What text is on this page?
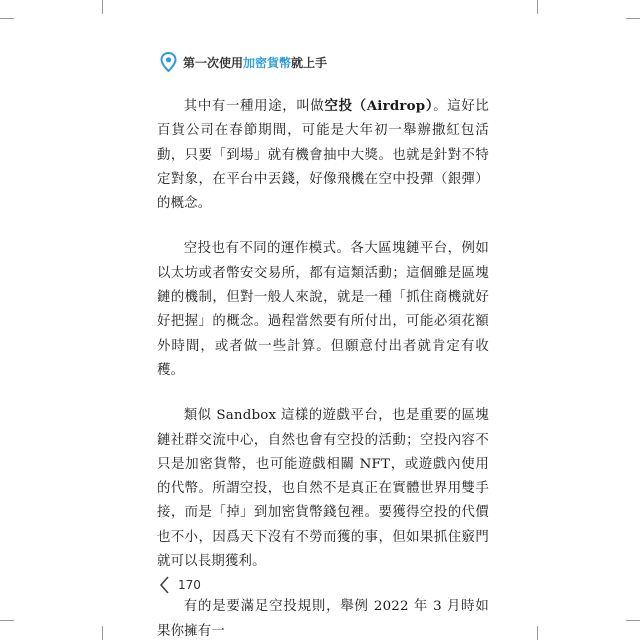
第一次使用加密貨幣就上手

其中有一種用途，叫做空投（Airdrop）。這好比百貨公司在春節期間，可能是大年初一舉辦撒紅包活動，只要「到場」就有機會抽中大獎。也就是針對不特定對象，在平台中丟錢，好像飛機在空中投彈（銀彈）的概念。

空投也有不同的運作模式。各大區塊鏈平台，例如以太坊或者幣安交易所，都有這類活動；這個雖是區塊鏈的機制，但對一般人來說，就是一種「抓住商機就好好把握」的概念。過程當然要有所付出，可能必須花額外時間，或者做一些計算。但願意付出者就肯定有收穫。

類似 Sandbox 這樣的遊戲平台，也是重要的區塊鏈社群交流中心，自然也會有空投的活動；空投內容不只是加密貨幣，也可能遊戲相關 NFT，或遊戲內使用的代幣。所謂空投，也自然不是真正在實體世界用雙手接，而是「掉」到加密貨幣錢包裡。要獲得空投的代價也不小，因爲天下沒有不勞而獲的事，但如果抓住竅門就可以長期獲利。

有的是要滿足空投規則，舉例 2022 年 3 月時如果你擁有一

170
